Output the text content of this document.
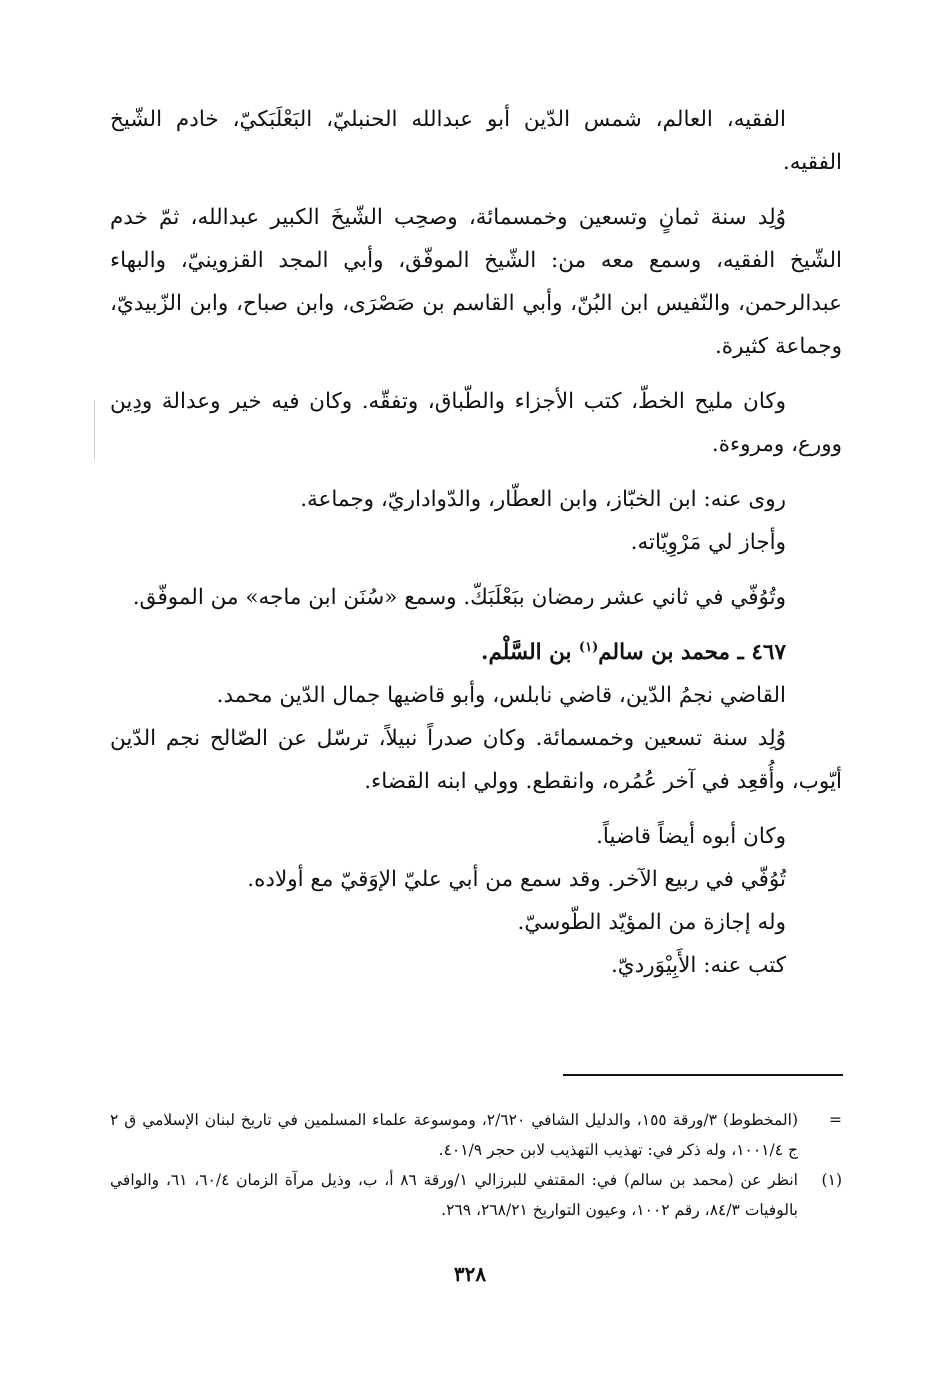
الفقيه، العالم، شمس الدّين أبو عبدالله الحنبليّ، البَعْلَبَكيّ، خادم الشّيخ الفقيه.

وُلِد سنة ثمانٍ وتسعين وخمسمائة، وصحِب الشّيخَ الكبير عبدالله، ثمّ خدم الشّيخ الفقيه، وسمع معه من: الشّيخ الموفّق، وأبي المجد القزوينيّ، والبهاء عبدالرحمن، والنّفيس ابن البُنّ، وأبي القاسم بن صَصْرَى، وابن صباح، وابن الزّبيديّ، وجماعة كثيرة.

وكان مليح الخطّ، كتب الأجزاء والطّباق، وتفقّه. وكان فيه خير وعدالة ودِين وورع، ومروءة.

روى عنه: ابن الخبّاز، وابن العطّار، والدّواداريّ، وجماعة.

وأجاز لي مَرْوِيّاته.

وتُوُفّي في ثاني عشر رمضان ببَعْلَبَكّ. وسمع «سُنَن ابن ماجه» من الموفّق.

٤٦٧ ـ محمد بن سالم$^{(١)}$ بن السَّلْم.

القاضي نجمُ الدّين، قاضي نابلس، وأبو قاضيها جمال الدّين محمد.

وُلِد سنة تسعين وخمسمائة. وكان صدراً نبيلاً، ترسّل عن الصّالح نجم الدّين أيّوب، وأُقعِد في آخر عُمُره، وانقطع. وولي ابنه القضاء.

وكان أبوه أيضاً قاضياً.

تُوُفّي في ربيع الآخر. وقد سمع من أبي عليّ الإوَقيّ مع أولاده.

وله إجازة من المؤيّد الطّوسيّ.

كتب عنه: الأَبِيْوَرديّ.

=
(المخطوط) ٣/ورقة ١٥٥، والدليل الشافي ٢/٦٢٠، وموسوعة علماء المسلمين في تاريخ لبنان الإسلامي ق ٢ ج ١٠٠١/٤، وله ذكر في: تهذيب التهذيب لابن حجر ٤٠١/٩.
(١)
انظر عن (محمد بن سالم) في: المقتفي للبرزالي ١/ورقة ٨٦ أ، ب، وذيل مرآة الزمان ٦٠/٤، ٦١، والوافي بالوفيات ٨٤/٣، رقم ١٠٠٢، وعيون التواريخ ٢٦٨/٢١، ٢٦٩.
٣٢٨
